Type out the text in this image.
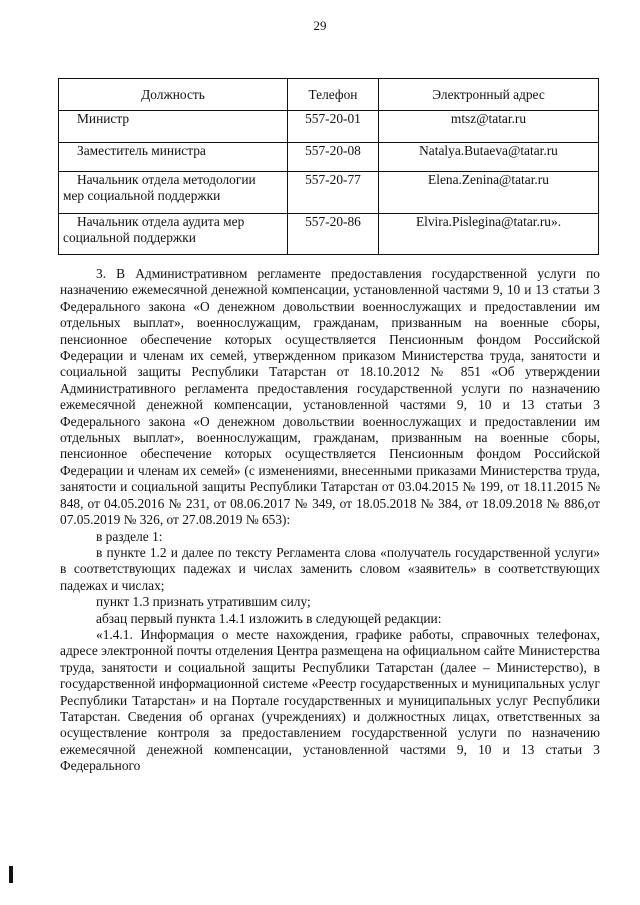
29
Должность	Телефон	Электронный адрес
Министр	557-20-01	mtsz@tatar.ru
Заместитель министра	557-20-08	Natalya.Butaeva@tatar.ru

Начальник отдела методологии
мер социальной поддержки	557-20-77	Elena.Zenina@tatar.ru

Начальник отдела аудита мер
социальной поддержки	557-20-86	Elvira.Pislegina@tatar.ru».

3. В Административном регламенте предоставления государственной услуги по назначению ежемесячной денежной компенсации, установленной частями 9, 10 и 13 статьи 3 Федерального закона «О денежном довольствии военнослужащих и предоставлении им отдельных выплат», военнослужащим, гражданам, призванным на военные сборы, пенсионное обеспечение которых осуществляется Пенсионным фондом Российской Федерации и членам их семей, утвержденном приказом Министерства труда, занятости и социальной защиты Республики Татарстан от 18.10.2012 № 851 «Об утверждении Административного регламента предоставления государственной услуги по назначению ежемесячной денежной компенсации, установленной частями 9, 10 и 13 статьи 3 Федерального закона «О денежном довольствии военнослужащих и предоставлении им отдельных выплат», военнослужащим, гражданам, призванным на военные сборы, пенсионное обеспечение которых осуществляется Пенсионным фондом Российской Федерации и членам их семей» (с изменениями, внесенными приказами Министерства труда, занятости и социальной защиты Республики Татарстан от 03.04.2015 № 199, от 18.11.2015 № 848, от 04.05.2016 № 231, от 08.06.2017 № 349, от 18.05.2018 № 384, от 18.09.2018 № 886,от 07.05.2019 № 326, от 27.08.2019 № 653):

в разделе 1:

в пункте 1.2 и далее по тексту Регламента слова «получатель государственной услуги» в соответствующих падежах и числах заменить словом «заявитель» в соответствующих падежах и числах;

пункт 1.3 признать утратившим силу;

абзац первый пункта 1.4.1 изложить в следующей редакции:

«1.4.1. Информация о месте нахождения, графике работы, справочных телефонах, адресе электронной почты отделения Центра размещена на официальном сайте Министерства труда, занятости и социальной защиты Республики Татарстан (далее – Министерство), в государственной информационной системе «Реестр государственных и муниципальных услуг Республики Татарстан» и на Портале государственных и муниципальных услуг Республики Татарстан. Сведения об органах (учреждениях) и должностных лицах, ответственных за осуществление контроля за предоставлением государственной услуги по назначению ежемесячной денежной компенсации, установленной частями 9, 10 и 13 статьи 3 Федерального
